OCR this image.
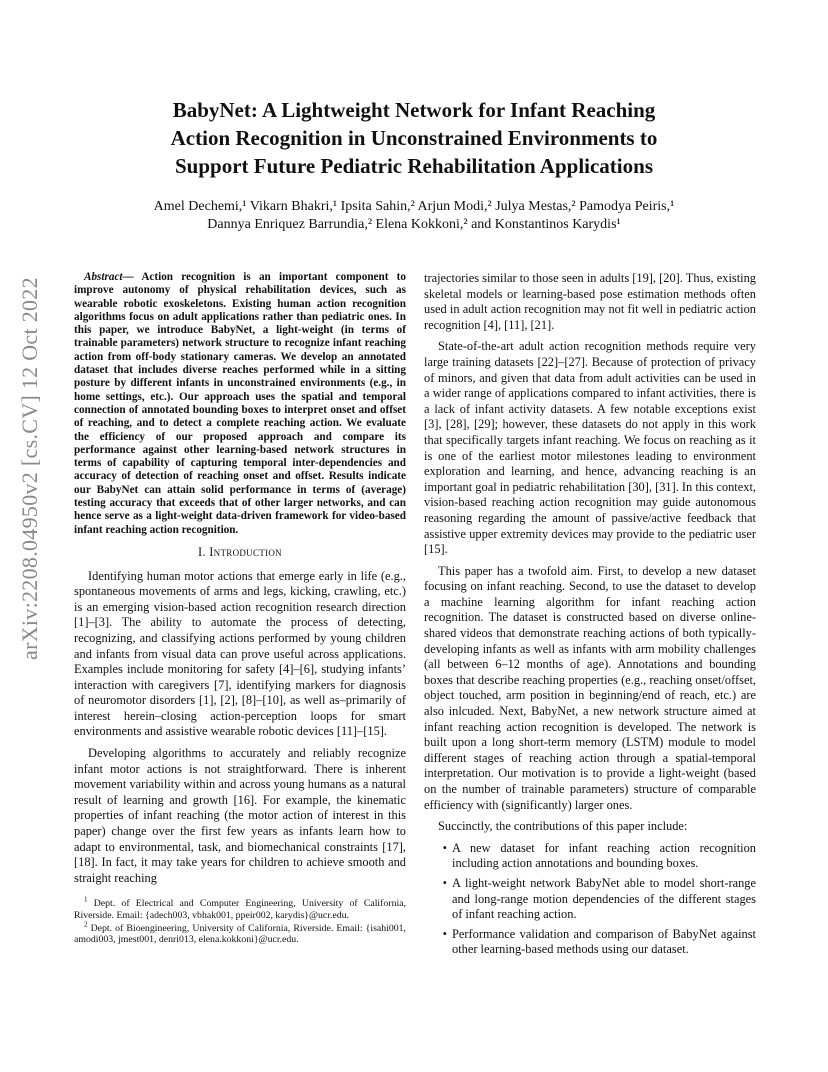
arXiv:2208.04950v2 [cs.CV] 12 Oct 2022
BabyNet: A Lightweight Network for Infant Reaching
Action Recognition in Unconstrained Environments to
Support Future Pediatric Rehabilitation Applications
Amel Dechemi,¹ Vikarn Bhakri,¹ Ipsita Sahin,² Arjun Modi,² Julya Mestas,² Pamodya Peiris,¹
Dannya Enriquez Barrundia,² Elena Kokkoni,² and Konstantinos Karydis¹

Abstract— Action recognition is an important component to improve autonomy of physical rehabilitation devices, such as wearable robotic exoskeletons. Existing human action recognition algorithms focus on adult applications rather than pediatric ones. In this paper, we introduce BabyNet, a light-weight (in terms of trainable parameters) network structure to recognize infant reaching action from off-body stationary cameras. We develop an annotated dataset that includes diverse reaches performed while in a sitting posture by different infants in unconstrained environments (e.g., in home settings, etc.). Our approach uses the spatial and temporal connection of annotated bounding boxes to interpret onset and offset of reaching, and to detect a complete reaching action. We evaluate the efficiency of our proposed approach and compare its performance against other learning-based network structures in terms of capability of capturing temporal inter-dependencies and accuracy of detection of reaching onset and offset. Results indicate our BabyNet can attain solid performance in terms of (average) testing accuracy that exceeds that of other larger networks, and can hence serve as a light-weight data-driven framework for video-based infant reaching action recognition.

I. Introduction

Identifying human motor actions that emerge early in life (e.g., spontaneous movements of arms and legs, kicking, crawling, etc.) is an emerging vision-based action recognition research direction [1]–[3]. The ability to automate the process of detecting, recognizing, and classifying actions performed by young children and infants from visual data can prove useful across applications. Examples include monitoring for safety [4]–[6], studying infants’ interaction with caregivers [7], identifying markers for diagnosis of neuromotor disorders [1], [2], [8]–[10], as well as–primarily of interest herein–closing action-perception loops for smart environments and assistive wearable robotic devices [11]–[15].

Developing algorithms to accurately and reliably recognize infant motor actions is not straightforward. There is inherent movement variability within and across young humans as a natural result of learning and growth [16]. For example, the kinematic properties of infant reaching (the motor action of interest in this paper) change over the first few years as infants learn how to adapt to environmental, task, and biomechanical constraints [17], [18]. In fact, it may take years for children to achieve smooth and straight reaching

$^1$ Dept. of Electrical and Computer Engineering, University of California, Riverside. Email: {adech003, vbhak001, ppeir002, karydis}@ucr.edu.

$^2$ Dept. of Bioengineering, University of California, Riverside. Email: {isahi001, amodi003, jmest001, denri013, elena.kokkoni}@ucr.edu.

trajectories similar to those seen in adults [19], [20]. Thus, existing skeletal models or learning-based pose estimation methods often used in adult action recognition may not fit well in pediatric action recognition [4], [11], [21].

State-of-the-art adult action recognition methods require very large training datasets [22]–[27]. Because of protection of privacy of minors, and given that data from adult activities can be used in a wider range of applications compared to infant activities, there is a lack of infant activity datasets. A few notable exceptions exist [3], [28], [29]; however, these datasets do not apply in this work that specifically targets infant reaching. We focus on reaching as it is one of the earliest motor milestones leading to environment exploration and learning, and hence, advancing reaching is an important goal in pediatric rehabilitation [30], [31]. In this context, vision-based reaching action recognition may guide autonomous reasoning regarding the amount of passive/active feedback that assistive upper extremity devices may provide to the pediatric user [15].

This paper has a twofold aim. First, to develop a new dataset focusing on infant reaching. Second, to use the dataset to develop a machine learning algorithm for infant reaching action recognition. The dataset is constructed based on diverse online-shared videos that demonstrate reaching actions of both typically-developing infants as well as infants with arm mobility challenges (all between 6–12 months of age). Annotations and bounding boxes that describe reaching properties (e.g., reaching onset/offset, object touched, arm position in beginning/end of reach, etc.) are also inlcuded. Next, BabyNet, a new network structure aimed at infant reaching action recognition is developed. The network is built upon a long short-term memory (LSTM) module to model different stages of reaching action through a spatial-temporal interpretation. Our motivation is to provide a light-weight (based on the number of trainable parameters) structure of comparable efficiency with (significantly) larger ones.

Succinctly, the contributions of this paper include:

• A new dataset for infant reaching action recognition including action annotations and bounding boxes.
• A light-weight network BabyNet able to model short-range and long-range motion dependencies of the different stages of infant reaching action.
• Performance validation and comparison of BabyNet against other learning-based methods using our dataset.
